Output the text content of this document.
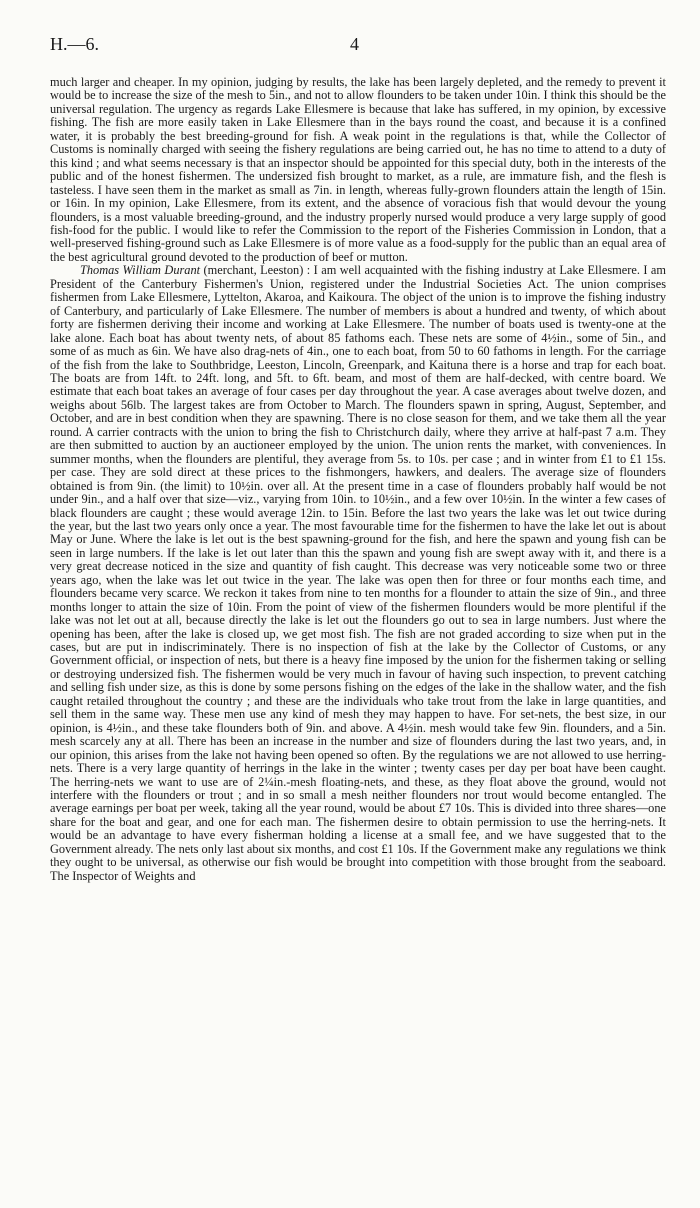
H.—6.	4

much larger and cheaper. In my opinion, judging by results, the lake has been largely depleted, and the remedy to prevent it would be to increase the size of the mesh to 5in., and not to allow flounders to be taken under 10in. I think this should be the universal regulation. The urgency as regards Lake Ellesmere is because that lake has suffered, in my opinion, by excessive fishing. The fish are more easily taken in Lake Ellesmere than in the bays round the coast, and because it is a confined water, it is probably the best breeding-ground for fish. A weak point in the regulations is that, while the Collector of Customs is nominally charged with seeing the fishery regulations are being carried out, he has no time to attend to a duty of this kind ; and what seems necessary is that an inspector should be appointed for this special duty, both in the interests of the public and of the honest fishermen. The undersized fish brought to market, as a rule, are immature fish, and the flesh is tasteless. I have seen them in the market as small as 7in. in length, whereas fully-grown flounders attain the length of 15in. or 16in. In my opinion, Lake Ellesmere, from its extent, and the absence of voracious fish that would devour the young flounders, is a most valuable breeding-ground, and the industry properly nursed would produce a very large supply of good fish-food for the public. I would like to refer the Commission to the report of the Fisheries Commission in London, that a well-preserved fishing-ground such as Lake Ellesmere is of more value as a food-supply for the public than an equal area of the best agricultural ground devoted to the production of beef or mutton.

Thomas William Durant (merchant, Leeston) : I am well acquainted with the fishing industry at Lake Ellesmere. I am President of the Canterbury Fishermen's Union, registered under the Industrial Societies Act. The union comprises fishermen from Lake Ellesmere, Lyttelton, Akaroa, and Kaikoura. The object of the union is to improve the fishing industry of Canterbury, and particularly of Lake Ellesmere. The number of members is about a hundred and twenty, of which about forty are fishermen deriving their income and working at Lake Ellesmere. The number of boats used is twenty-one at the lake alone. Each boat has about twenty nets, of about 85 fathoms each. These nets are some of 4½in., some of 5in., and some of as much as 6in. We have also drag-nets of 4in., one to each boat, from 50 to 60 fathoms in length. For the carriage of the fish from the lake to Southbridge, Leeston, Lincoln, Greenpark, and Kaituna there is a horse and trap for each boat. The boats are from 14ft. to 24ft. long, and 5ft. to 6ft. beam, and most of them are half-decked, with centre board. We estimate that each boat takes an average of four cases per day throughout the year. A case averages about twelve dozen, and weighs about 56lb. The largest takes are from October to March. The flounders spawn in spring, August, September, and October, and are in best condition when they are spawning. There is no close season for them, and we take them all the year round. A carrier contracts with the union to bring the fish to Christchurch daily, where they arrive at half-past 7 a.m. They are then submitted to auction by an auctioneer employed by the union. The union rents the market, with conveniences. In summer months, when the flounders are plentiful, they average from 5s. to 10s. per case ; and in winter from £1 to £1 15s. per case. They are sold direct at these prices to the fishmongers, hawkers, and dealers. The average size of flounders obtained is from 9in. (the limit) to 10½in. over all. At the present time in a case of flounders probably half would be not under 9in., and a half over that size—viz., varying from 10in. to 10½in., and a few over 10½in. In the winter a few cases of black flounders are caught ; these would average 12in. to 15in. Before the last two years the lake was let out twice during the year, but the last two years only once a year. The most favourable time for the fishermen to have the lake let out is about May or June. Where the lake is let out is the best spawning-ground for the fish, and here the spawn and young fish can be seen in large numbers. If the lake is let out later than this the spawn and young fish are swept away with it, and there is a very great decrease noticed in the size and quantity of fish caught. This decrease was very noticeable some two or three years ago, when the lake was let out twice in the year. The lake was open then for three or four months each time, and flounders became very scarce. We reckon it takes from nine to ten months for a flounder to attain the size of 9in., and three months longer to attain the size of 10in. From the point of view of the fishermen flounders would be more plentiful if the lake was not let out at all, because directly the lake is let out the flounders go out to sea in large numbers. Just where the opening has been, after the lake is closed up, we get most fish. The fish are not graded according to size when put in the cases, but are put in indiscriminately. There is no inspection of fish at the lake by the Collector of Customs, or any Government official, or inspection of nets, but there is a heavy fine imposed by the union for the fishermen taking or selling or destroying undersized fish. The fishermen would be very much in favour of having such inspection, to prevent catching and selling fish under size, as this is done by some persons fishing on the edges of the lake in the shallow water, and the fish caught retailed throughout the country ; and these are the individuals who take trout from the lake in large quantities, and sell them in the same way. These men use any kind of mesh they may happen to have. For set-nets, the best size, in our opinion, is 4½in., and these take flounders both of 9in. and above. A 4½in. mesh would take few 9in. flounders, and a 5in. mesh scarcely any at all. There has been an increase in the number and size of flounders during the last two years, and, in our opinion, this arises from the lake not having been opened so often. By the regulations we are not allowed to use herring-nets. There is a very large quantity of herrings in the lake in the winter ; twenty cases per day per boat have been caught. The herring-nets we want to use are of 2¼in.-mesh floating-nets, and these, as they float above the ground, would not interfere with the flounders or trout ; and in so small a mesh neither flounders nor trout would become entangled. The average earnings per boat per week, taking all the year round, would be about £7 10s. This is divided into three shares—one share for the boat and gear, and one for each man. The fishermen desire to obtain permission to use the herring-nets. It would be an advantage to have every fisherman holding a license at a small fee, and we have suggested that to the Government already. The nets only last about six months, and cost £1 10s. If the Government make any regulations we think they ought to be universal, as otherwise our fish would be brought into competition with those brought from the seaboard. The Inspector of Weights and
